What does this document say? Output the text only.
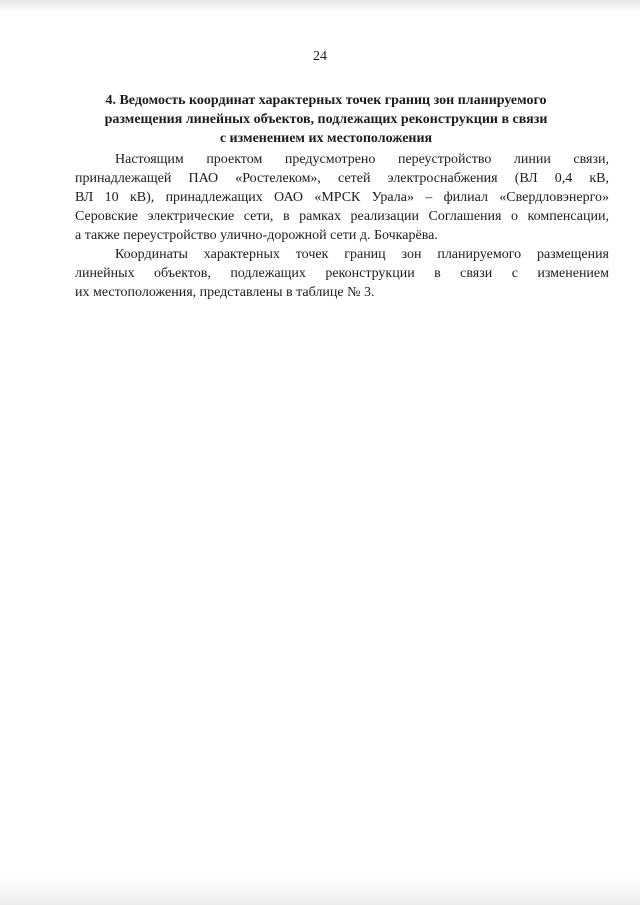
24
4. Ведомость координат характерных точек границ зон планируемого
размещения линейных объектов, подлежащих реконструкции в связи
с изменением их местоположения
Настоящим проектом предусмотрено переустройство линии связи,
принадлежащей ПАО «Ростелеком», сетей электроснабжения (ВЛ 0,4 кВ,
ВЛ 10 кВ), принадлежащих ОАО «МРСК Урала» – филиал «Свердловэнерго»
Серовские электрические сети, в рамках реализации Соглашения о компенсации,
а также переустройство улично-дорожной сети д. Бочкарёва.
Координаты характерных точек границ зон планируемого размещения
линейных объектов, подлежащих реконструкции в связи с изменением
их местоположения, представлены в таблице № 3.
